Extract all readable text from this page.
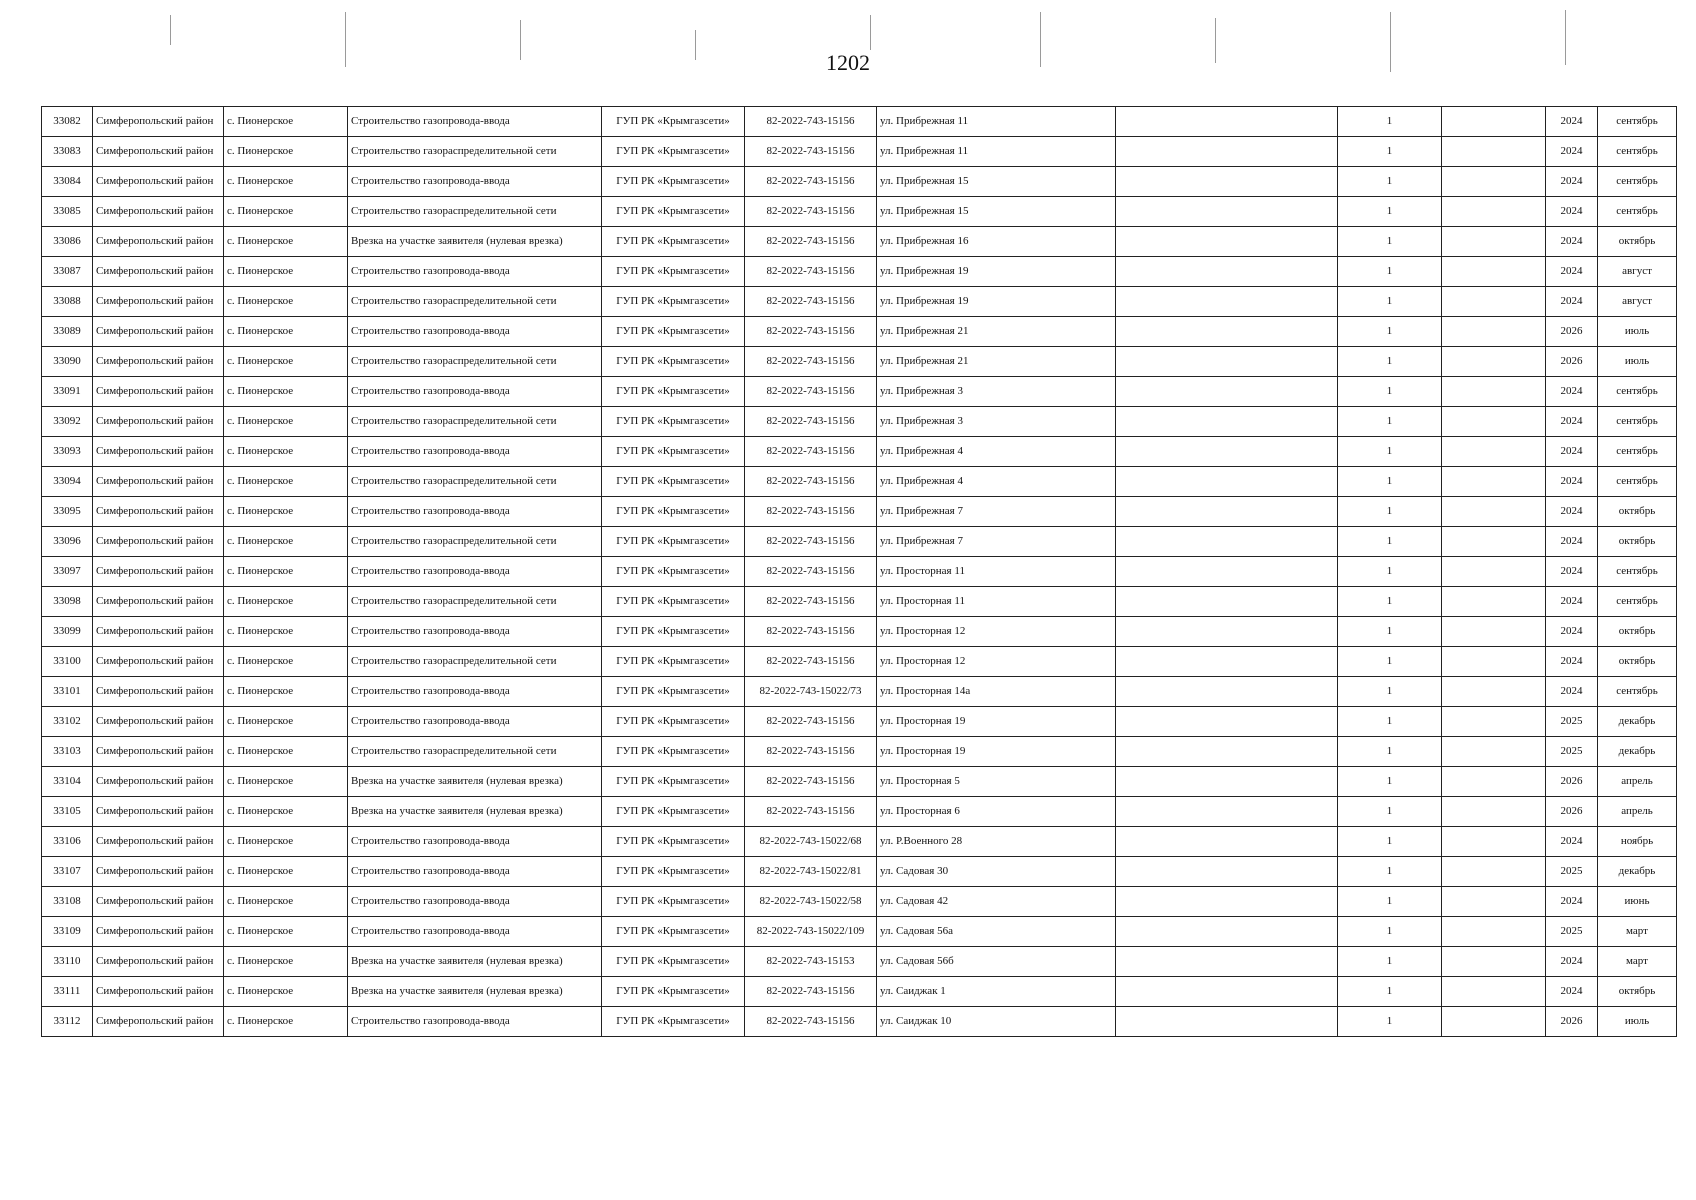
1202
33082	Симферопольский район	с. Пионерское	Строительство газопровода-ввода	ГУП РК «Крымгазсети»	82-2022-743-15156	ул. Прибрежная 11		1		2024	сентябрь
33083	Симферопольский район	с. Пионерское	Строительство газораспределительной сети	ГУП РК «Крымгазсети»	82-2022-743-15156	ул. Прибрежная 11		1		2024	сентябрь
33084	Симферопольский район	с. Пионерское	Строительство газопровода-ввода	ГУП РК «Крымгазсети»	82-2022-743-15156	ул. Прибрежная 15		1		2024	сентябрь
33085	Симферопольский район	с. Пионерское	Строительство газораспределительной сети	ГУП РК «Крымгазсети»	82-2022-743-15156	ул. Прибрежная 15		1		2024	сентябрь
33086	Симферопольский район	с. Пионерское	Врезка на участке заявителя (нулевая врезка)	ГУП РК «Крымгазсети»	82-2022-743-15156	ул. Прибрежная 16		1		2024	октябрь
33087	Симферопольский район	с. Пионерское	Строительство газопровода-ввода	ГУП РК «Крымгазсети»	82-2022-743-15156	ул. Прибрежная 19		1		2024	август
33088	Симферопольский район	с. Пионерское	Строительство газораспределительной сети	ГУП РК «Крымгазсети»	82-2022-743-15156	ул. Прибрежная 19		1		2024	август
33089	Симферопольский район	с. Пионерское	Строительство газопровода-ввода	ГУП РК «Крымгазсети»	82-2022-743-15156	ул. Прибрежная 21		1		2026	июль
33090	Симферопольский район	с. Пионерское	Строительство газораспределительной сети	ГУП РК «Крымгазсети»	82-2022-743-15156	ул. Прибрежная 21		1		2026	июль
33091	Симферопольский район	с. Пионерское	Строительство газопровода-ввода	ГУП РК «Крымгазсети»	82-2022-743-15156	ул. Прибрежная 3		1		2024	сентябрь
33092	Симферопольский район	с. Пионерское	Строительство газораспределительной сети	ГУП РК «Крымгазсети»	82-2022-743-15156	ул. Прибрежная 3		1		2024	сентябрь
33093	Симферопольский район	с. Пионерское	Строительство газопровода-ввода	ГУП РК «Крымгазсети»	82-2022-743-15156	ул. Прибрежная 4		1		2024	сентябрь
33094	Симферопольский район	с. Пионерское	Строительство газораспределительной сети	ГУП РК «Крымгазсети»	82-2022-743-15156	ул. Прибрежная 4		1		2024	сентябрь
33095	Симферопольский район	с. Пионерское	Строительство газопровода-ввода	ГУП РК «Крымгазсети»	82-2022-743-15156	ул. Прибрежная 7		1		2024	октябрь
33096	Симферопольский район	с. Пионерское	Строительство газораспределительной сети	ГУП РК «Крымгазсети»	82-2022-743-15156	ул. Прибрежная 7		1		2024	октябрь
33097	Симферопольский район	с. Пионерское	Строительство газопровода-ввода	ГУП РК «Крымгазсети»	82-2022-743-15156	ул. Просторная 11		1		2024	сентябрь
33098	Симферопольский район	с. Пионерское	Строительство газораспределительной сети	ГУП РК «Крымгазсети»	82-2022-743-15156	ул. Просторная 11		1		2024	сентябрь
33099	Симферопольский район	с. Пионерское	Строительство газопровода-ввода	ГУП РК «Крымгазсети»	82-2022-743-15156	ул. Просторная 12		1		2024	октябрь
33100	Симферопольский район	с. Пионерское	Строительство газораспределительной сети	ГУП РК «Крымгазсети»	82-2022-743-15156	ул. Просторная 12		1		2024	октябрь
33101	Симферопольский район	с. Пионерское	Строительство газопровода-ввода	ГУП РК «Крымгазсети»	82-2022-743-15022/73	ул. Просторная 14а		1		2024	сентябрь
33102	Симферопольский район	с. Пионерское	Строительство газопровода-ввода	ГУП РК «Крымгазсети»	82-2022-743-15156	ул. Просторная 19		1		2025	декабрь
33103	Симферопольский район	с. Пионерское	Строительство газораспределительной сети	ГУП РК «Крымгазсети»	82-2022-743-15156	ул. Просторная 19		1		2025	декабрь
33104	Симферопольский район	с. Пионерское	Врезка на участке заявителя (нулевая врезка)	ГУП РК «Крымгазсети»	82-2022-743-15156	ул. Просторная 5		1		2026	апрель
33105	Симферопольский район	с. Пионерское	Врезка на участке заявителя (нулевая врезка)	ГУП РК «Крымгазсети»	82-2022-743-15156	ул. Просторная 6		1		2026	апрель
33106	Симферопольский район	с. Пионерское	Строительство газопровода-ввода	ГУП РК «Крымгазсети»	82-2022-743-15022/68	ул. Р.Военного 28		1		2024	ноябрь
33107	Симферопольский район	с. Пионерское	Строительство газопровода-ввода	ГУП РК «Крымгазсети»	82-2022-743-15022/81	ул. Садовая 30		1		2025	декабрь
33108	Симферопольский район	с. Пионерское	Строительство газопровода-ввода	ГУП РК «Крымгазсети»	82-2022-743-15022/58	ул. Садовая 42		1		2024	июнь
33109	Симферопольский район	с. Пионерское	Строительство газопровода-ввода	ГУП РК «Крымгазсети»	82-2022-743-15022/109	ул. Садовая 56а		1		2025	март
33110	Симферопольский район	с. Пионерское	Врезка на участке заявителя (нулевая врезка)	ГУП РК «Крымгазсети»	82-2022-743-15153	ул. Садовая 56б		1		2024	март
33111	Симферопольский район	с. Пионерское	Врезка на участке заявителя (нулевая врезка)	ГУП РК «Крымгазсети»	82-2022-743-15156	ул. Саиджак 1		1		2024	октябрь
33112	Симферопольский район	с. Пионерское	Строительство газопровода-ввода	ГУП РК «Крымгазсети»	82-2022-743-15156	ул. Саиджак 10		1		2026	июль
